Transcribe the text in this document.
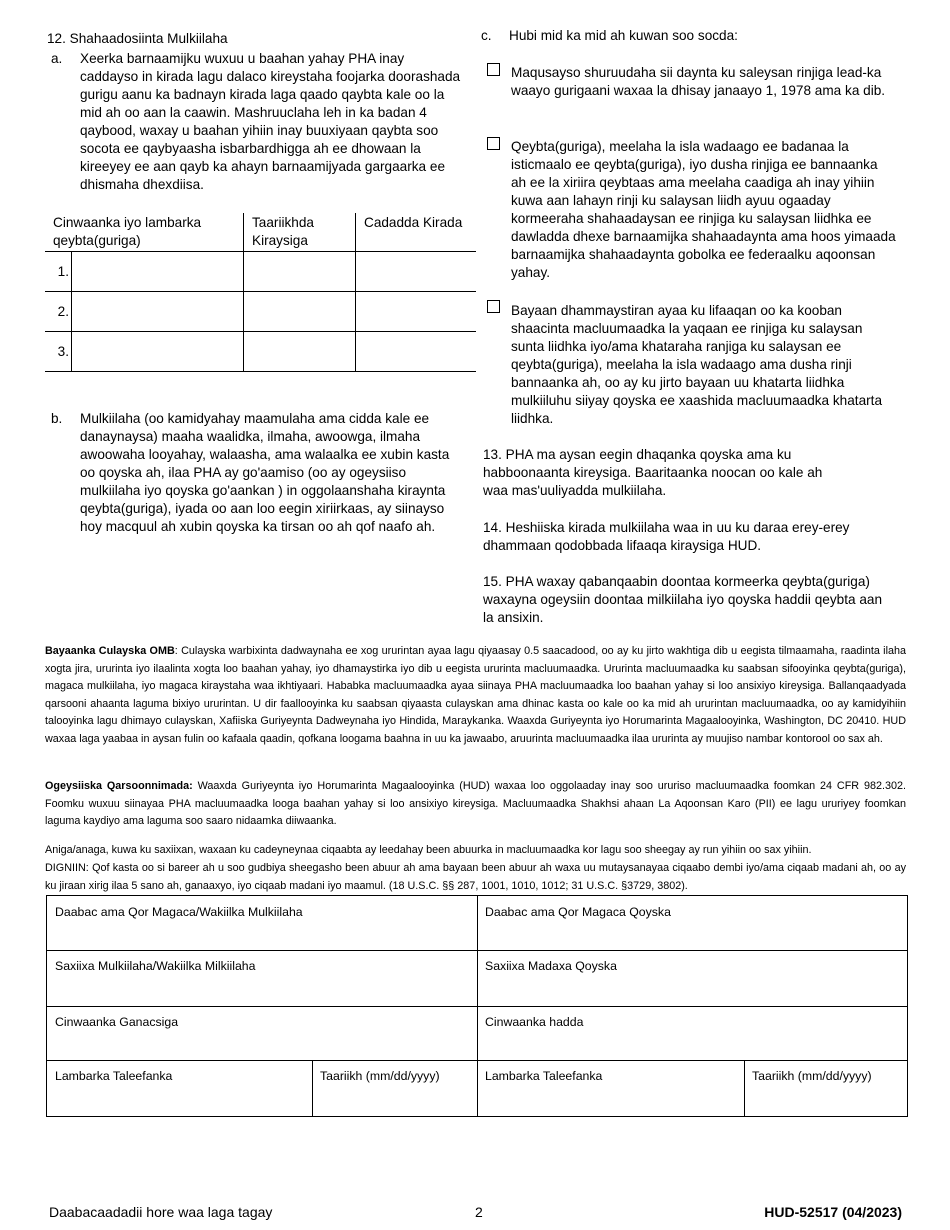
12. Shahaadosiinta Mulkiilaha
a. Xeerka barnaamijku wuxuu u baahan yahay PHA inay caddayso in kirada lagu dalaco kireystaha foojarka doorashada gurigu aanu ka badnayn kirada laga qaado qaybta kale oo la mid ah oo aan la caawin. Mashruuclaha leh in ka badan 4 qaybood, waxay u baahan yihiin inay buuxiyaan qaybta soo socota ee qaybyaasha isbarbardhigga ah ee dhowaan la kireeyey ee aan qayb ka ahayn barnaamijyada gargaarka ee dhismaha dhexdiisa.
Cinwaanka iyo lambarka qeybta(guriga)		Taariikhda Kiraysiga	Cadadda Kirada
1.			
2.			
3.			
b. Mulkiilaha (oo kamidyahay maamulaha ama cidda kale ee danaynaysa) maaha waalidka, ilmaha, awoowga, ilmaha awoowaha looyahay, walaasha, ama walaalka ee xubin kasta oo qoyska ah, ilaa PHA ay go'aamiso (oo ay ogeysiiso mulkiilaha iyo qoyska go'aankan ) in oggolaanshaha kiraynta qeybta(guriga), iyada oo aan loo eegin xiriirkaas, ay siinayso hoy macquul ah xubin qoyska ka tirsan oo ah qof naafo ah.
c. Hubi mid ka mid ah kuwan soo socda:
Maqusayso shuruudaha sii daynta ku saleysan rinjiga lead-ka waayo gurigaani waxaa la dhisay janaayo 1, 1978 ama ka dib.
Qeybta(guriga), meelaha la isla wadaago ee badanaa la isticmaalo ee qeybta(guriga), iyo dusha rinjiga ee bannaanka ah ee la xiriira qeybtaas ama meelaha caadiga ah inay yihiin kuwa aan lahayn rinji ku salaysan liidh ayuu ogaaday kormeeraha shahaadaysan ee rinjiga ku salaysan liidhka ee dawladda dhexe barnaamijka shahaadaynta ama hoos yimaada barnaamijka shahaadaynta gobolka ee federaalku aqoonsan yahay.
Bayaan dhammaystiran ayaa ku lifaaqan oo ka kooban shaacinta macluumaadka la yaqaan ee rinjiga ku salaysan sunta liidhka iyo/ama khataraha ranjiga ku salaysan ee qeybta(guriga), meelaha la isla wadaago ama dusha rinji bannaanka ah, oo ay ku jirto bayaan uu khatarta liidhka mulkiiluhu siiyay qoyska ee xaashida macluumaadka khatarta liidhka.
13. PHA ma aysan eegin dhaqanka qoyska ama ku habboonaanta kireysiga. Baaritaanka noocan oo kale ah waa mas'uuliyadda mulkiilaha.
14. Heshiiska kirada mulkiilaha waa in uu ku daraa erey-erey dhammaan qodobbada lifaaqa kiraysiga HUD.
15. PHA waxay qabanqaabin doontaa kormeerka qeybta(guriga) waxayna ogeysiin doontaa milkiilaha iyo qoyska haddii qeybta aan la ansixin.
Bayaanka Culayska OMB: Culayska warbixinta dadwaynaha ee xog ururintan ayaa lagu qiyaasay 0.5 saacadood, oo ay ku jirto wakhtiga dib u eegista tilmaamaha, raadinta ilaha xogta jira, ururinta iyo ilaalinta xogta loo baahan yahay, iyo dhamaystirka iyo dib u eegista ururinta macluumaadka. Ururinta macluumaadka ku saabsan sifooyinka qeybta(guriga), magaca mulkiilaha, iyo magaca kiraystaha waa ikhtiyaari. Hababka macluumaadka ayaa siinaya PHA macluumaadka loo baahan yahay si loo ansixiyo kireysiga. Ballanqaadyada qarsooni ahaanta laguma bixiyo ururintan. U dir faallooyinka ku saabsan qiyaasta culayskan ama dhinac kasta oo kale oo ka mid ah ururintan macluumaadka, oo ay kamidyihiin talooyinka lagu dhimayo culayskan, Xafiiska Guriyeynta Dadweynaha iyo Hindida, Maraykanka. Waaxda Guriyeynta iyo Horumarinta Magaalooyinka, Washington, DC 20410. HUD waxaa laga yaabaa in aysan fulin oo kafaala qaadin, qofkana loogama baahna in uu ka jawaabo, aruurinta macluumaadka ilaa ururinta ay muujiso nambar kontorool oo sax ah.
Ogeysiiska Qarsoonnimada: Waaxda Guriyeynta iyo Horumarinta Magaalooyinka (HUD) waxaa loo oggolaaday inay soo ururiso macluumaadka foomkan 24 CFR 982.302. Foomku wuxuu siinayaa PHA macluumaadka looga baahan yahay si loo ansixiyo kireysiga. Macluumaadka Shakhsi ahaan La Aqoonsan Karo (PII) ee lagu ururiyey foomkan laguma kaydiyo ama laguma soo saaro nidaamka diiwaanka.
Aniga/anaga, kuwa ku saxiixan, waxaan ku cadeyneynaa ciqaabta ay leedahay been abuurka in macluumaadka kor lagu soo sheegay ay run yihiin oo sax yihiin.
DIGNIIN: Qof kasta oo si bareer ah u soo gudbiya sheegasho been abuur ah ama bayaan been abuur ah waxa uu mutaysanayaa ciqaabo dembi iyo/ama ciqaab madani ah, oo ay ku jiraan xirig ilaa 5 sano ah, ganaaxyo, iyo ciqaab madani iyo maamul. (18 U.S.C. §§ 287, 1001, 1010, 1012; 31 U.S.C. §3729, 3802).
Daabac ama Qor Magaca/Wakiilka Mulkiilaha	Daabac ama Qor Magaca Qoyska
Saxiixa Mulkiilaha/Wakiilka Milkiilaha	Saxiixa Madaxa Qoyska
Cinwaanka Ganacsiga	Cinwaanka hadda
Lambarka Taleefanka	Taariikh (mm/dd/yyyy)	Lambarka Taleefanka	Taariikh (mm/dd/yyyy)
Daabacaadadii hore waa laga tagay	2	HUD-52517 (04/2023)
